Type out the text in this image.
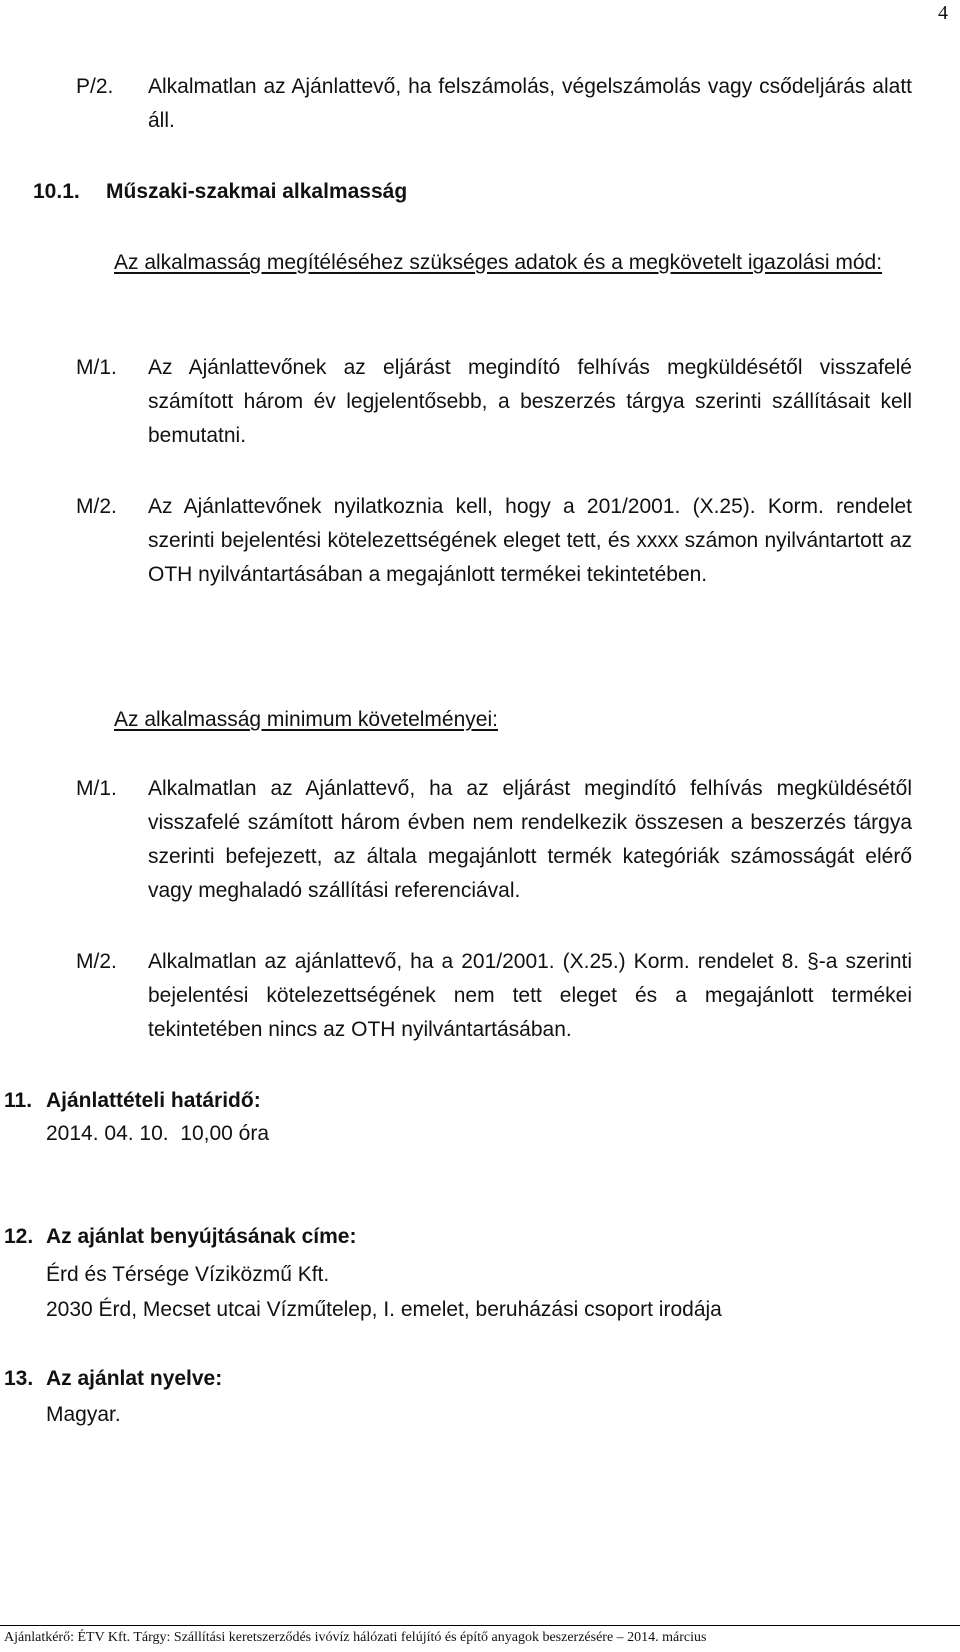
4
P/2. Alkalmatlan az Ajánlattevő, ha felszámolás, végelszámolás vagy csődeljárás alatt áll.
10.1. Műszaki-szakmai alkalmasság
Az alkalmasság megítéléséhez szükséges adatok és a megkövetelt igazolási mód:
M/1. Az Ajánlattevőnek az eljárást megindító felhívás megküldésétől visszafelé számított három év legjelentősebb, a beszerzés tárgya szerinti szállításait kell bemutatni.
M/2. Az Ajánlattevőnek nyilatkoznia kell, hogy a 201/2001. (X.25). Korm. rendelet szerinti bejelentési kötelezettségének eleget tett, és xxxx számon nyilvántartott az OTH nyilvántartásában a megajánlott termékei tekintetében.
Az alkalmasság minimum követelményei:
M/1. Alkalmatlan az Ajánlattevő, ha az eljárást megindító felhívás megküldésétől visszafelé számított három évben nem rendelkezik összesen a beszerzés tárgya szerinti befejezett, az általa megajánlott termék kategóriák számosságát elérő vagy meghaladó szállítási referenciával.
M/2. Alkalmatlan az ajánlattevő, ha a 201/2001. (X.25.) Korm. rendelet 8. §-a szerinti bejelentési kötelezettségének nem tett eleget és a megajánlott termékei tekintetében nincs az OTH nyilvántartásában.
11. Ajánlattételi határidő:
2014. 04. 10.  10,00 óra
12. Az ajánlat benyújtásának címe:
Érd és Térsége Víziközmű Kft.
2030 Érd, Mecset utcai Vízműtelep, I. emelet, beruházási csoport irodája
13. Az ajánlat nyelve:
Magyar.
Ajánlatkérő: ÉTV Kft. Tárgy: Szállítási keretszerződés ivóvíz hálózati felújító és építő anyagok beszerzésére – 2014. március
